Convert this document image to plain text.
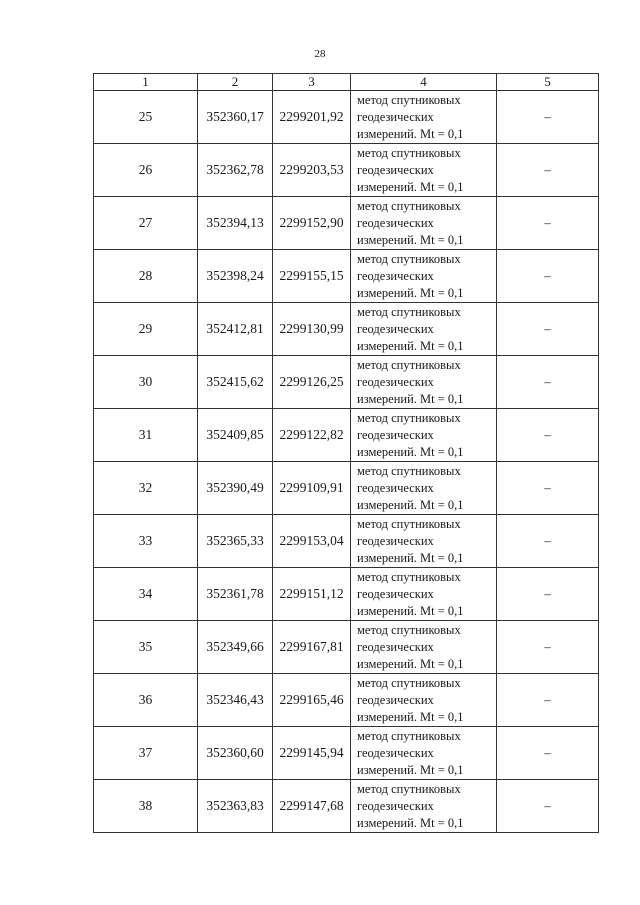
28
1	2	3	4	5
25	352360,17	2299201,92	метод спутниковых
геодезических
измерений. Mt = 0,1	–
26	352362,78	2299203,53	метод спутниковых
геодезических
измерений. Mt = 0,1	–
27	352394,13	2299152,90	метод спутниковых
геодезических
измерений. Mt = 0,1	–
28	352398,24	2299155,15	метод спутниковых
геодезических
измерений. Mt = 0,1	–
29	352412,81	2299130,99	метод спутниковых
геодезических
измерений. Mt = 0,1	–
30	352415,62	2299126,25	метод спутниковых
геодезических
измерений. Mt = 0,1	–
31	352409,85	2299122,82	метод спутниковых
геодезических
измерений. Mt = 0,1	–
32	352390,49	2299109,91	метод спутниковых
геодезических
измерений. Mt = 0,1	–
33	352365,33	2299153,04	метод спутниковых
геодезических
измерений. Mt = 0,1	–
34	352361,78	2299151,12	метод спутниковых
геодезических
измерений. Mt = 0,1	–
35	352349,66	2299167,81	метод спутниковых
геодезических
измерений. Mt = 0,1	–
36	352346,43	2299165,46	метод спутниковых
геодезических
измерений. Mt = 0,1	–
37	352360,60	2299145,94	метод спутниковых
геодезических
измерений. Mt = 0,1	–
38	352363,83	2299147,68	метод спутниковых
геодезических
измерений. Mt = 0,1	–
